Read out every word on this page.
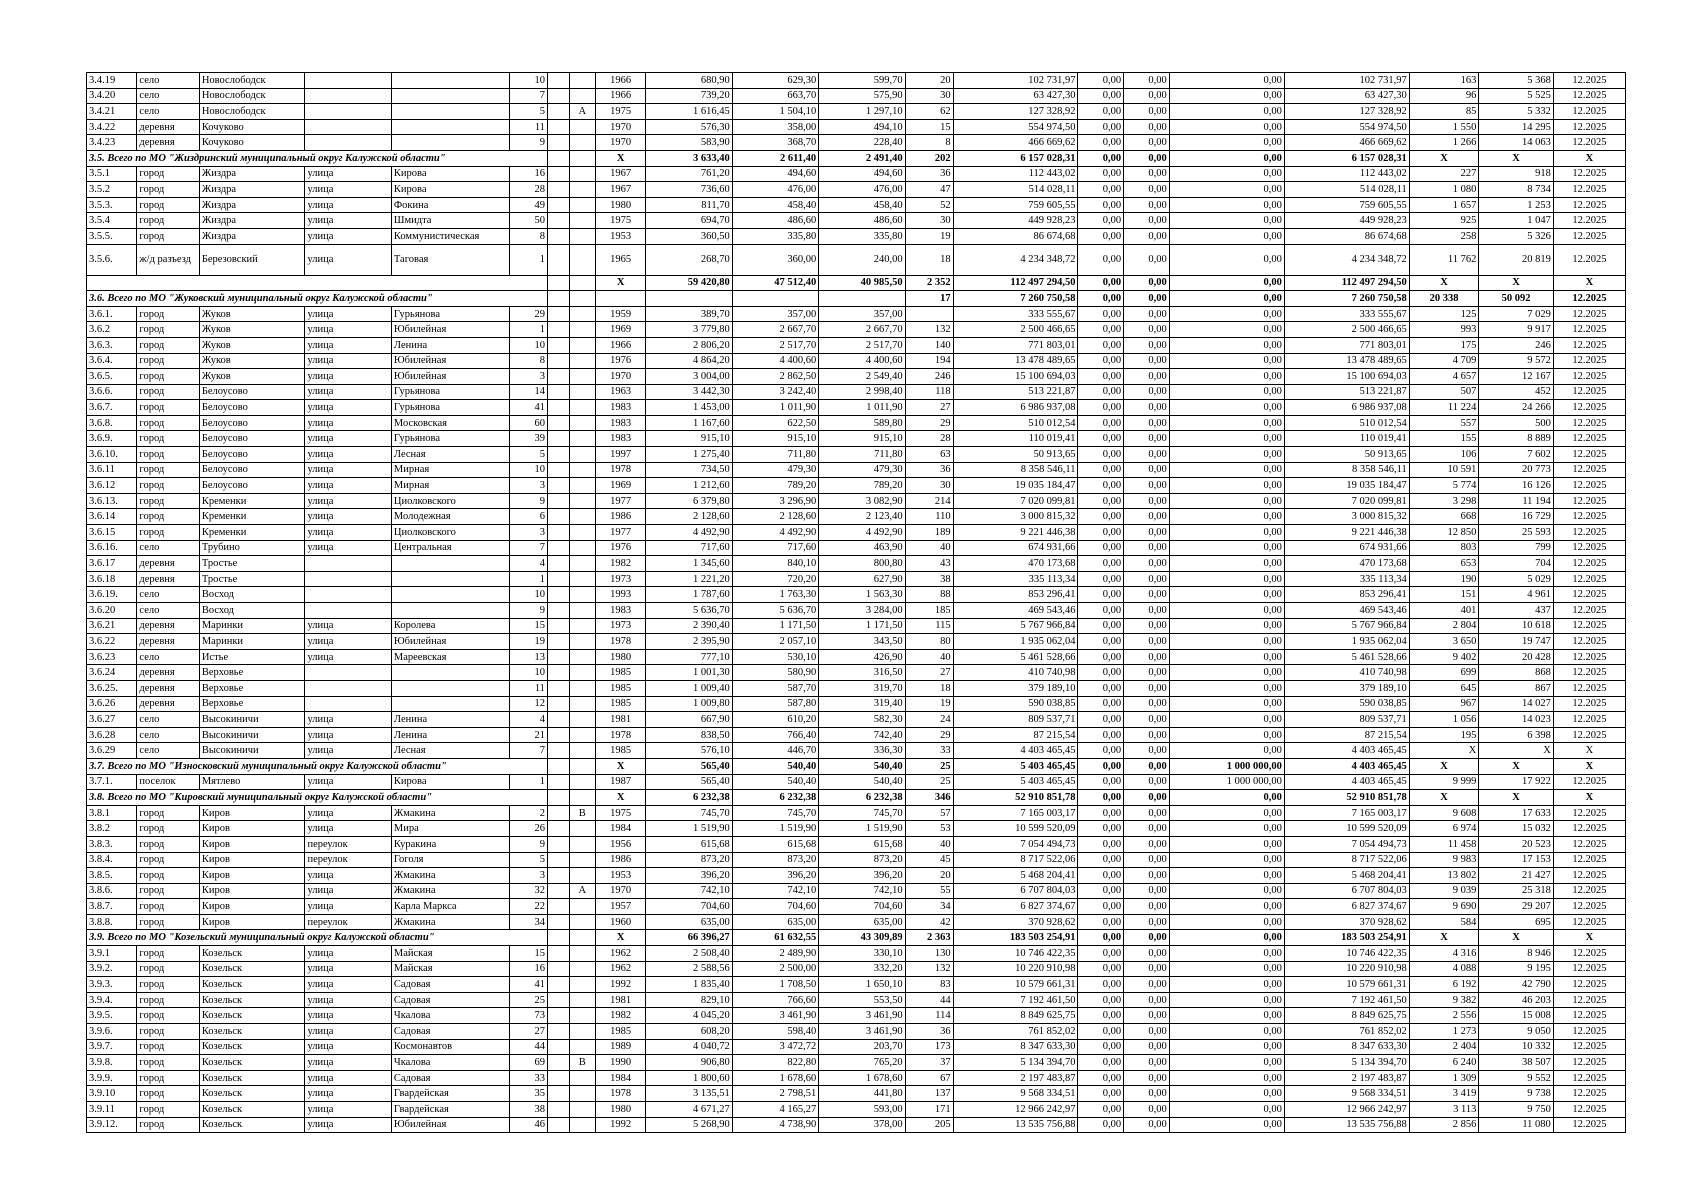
3.4.19	село	Новослободск			10			1966	680,90	629,30	599,70	20	102 731,97	0,00	0,00	0,00	102 731,97	163	5 368	12.2025
3.4.20	село	Новослободск			7			1966	739,20	663,70	575,90	30	63 427,30	0,00	0,00	0,00	63 427,30	96	5 525	12.2025
3.4.21	село	Новослободск			5		А	1975	1 616,45	1 504,10	1 297,10	62	127 328,92	0,00	0,00	0,00	127 328,92	85	5 332	12.2025
3.4.22	деревня	Кочуково			11			1970	576,30	358,00	494,10	15	554 974,50	0,00	0,00	0,00	554 974,50	1 550	14 295	12.2025
3.4.23	деревня	Кочуково			9			1970	583,90	368,70	228,40	8	466 669,62	0,00	0,00	0,00	466 669,62	1 266	14 063	12.2025
3.5. Всего по МО "Жиздринский муниципальный округ Калужской области"								X	3 633,40	2 611,40	2 491,40	202	6 157 028,31	0,00	0,00	0,00	6 157 028,31	X	X	X
3.5.1	город	Жиздра	улица	Кирова	16			1967	761,20	494,60	494,60	36	112 443,02	0,00	0,00	0,00	112 443,02	227	918	12.2025
3.5.2	город	Жиздра	улица	Кирова	28			1967	736,60	476,00	476,00	47	514 028,11	0,00	0,00	0,00	514 028,11	1 080	8 734	12.2025
3.5.3.	город	Жиздра	улица	Фокина	49			1980	811,70	458,40	458,40	52	759 605,55	0,00	0,00	0,00	759 605,55	1 657	1 253	12.2025
3.5.4	город	Жиздра	улица	Шмидта	50			1975	694,70	486,60	486,60	30	449 928,23	0,00	0,00	0,00	449 928,23	925	1 047	12.2025
3.5.5.	город	Жиздра	улица	Коммунистическая	8			1953	360,50	335,80	335,80	19	86 674,68	0,00	0,00	0,00	86 674,68	258	5 326	12.2025
3.5.6.	ж/д разъезд	Березовский	улица	Таговая	1			1965	268,70	360,00	240,00	18	4 234 348,72	0,00	0,00	0,00	4 234 348,72	11 762	20 819	12.2025
								X	59 420,80	47 512,40	40 985,50	2 352	112 497 294,50	0,00	0,00	0,00	112 497 294,50	X	X	X
3.6. Всего по МО "Жуковский муниципальный округ Калужской области"												17	7 260 750,58	0,00	0,00	0,00	7 260 750,58	20 338	50 092	12.2025
3.6.1.	город	Жуков	улица	Гурьянова	29			1959	389,70	357,00	357,00		333 555,67	0,00	0,00	0,00	333 555,67	125	7 029	12.2025
3.6.2	город	Жуков	улица	Юбилейная	1			1969	3 779,80	2 667,70	2 667,70	132	2 500 466,65	0,00	0,00	0,00	2 500 466,65	993	9 917	12.2025
3.6.3.	город	Жуков	улица	Ленина	10			1966	2 806,20	2 517,70	2 517,70	140	771 803,01	0,00	0,00	0,00	771 803,01	175	246	12.2025
3.6.4.	город	Жуков	улица	Юбилейная	8			1976	4 864,20	4 400,60	4 400,60	194	13 478 489,65	0,00	0,00	0,00	13 478 489,65	4 709	9 572	12.2025
3.6.5.	город	Жуков	улица	Юбилейная	3			1970	3 004,00	2 862,50	2 549,40	246	15 100 694,03	0,00	0,00	0,00	15 100 694,03	4 657	12 167	12.2025
3.6.6.	город	Белоусово	улица	Гурьянова	14			1963	3 442,30	3 242,40	2 998,40	118	513 221,87	0,00	0,00	0,00	513 221,87	507	452	12.2025
3.6.7.	город	Белоусово	улица	Гурьянова	41			1983	1 453,00	1 011,90	1 011,90	27	6 986 937,08	0,00	0,00	0,00	6 986 937,08	11 224	24 266	12.2025
3.6.8.	город	Белоусово	улица	Московская	60			1983	1 167,60	622,50	589,80	29	510 012,54	0,00	0,00	0,00	510 012,54	557	500	12.2025
3.6.9.	город	Белоусово	улица	Гурьянова	39			1983	915,10	915,10	915,10	28	110 019,41	0,00	0,00	0,00	110 019,41	155	8 889	12.2025
3.6.10.	город	Белоусово	улица	Лесная	5			1997	1 275,40	711,80	711,80	63	50 913,65	0,00	0,00	0,00	50 913,65	106	7 602	12.2025
3.6.11	город	Белоусово	улица	Мирная	10			1978	734,50	479,30	479,30	36	8 358 546,11	0,00	0,00	0,00	8 358 546,11	10 591	20 773	12.2025
3.6.12	город	Белоусово	улица	Мирная	3			1969	1 212,60	789,20	789,20	30	19 035 184,47	0,00	0,00	0,00	19 035 184,47	5 774	16 126	12.2025
3.6.13.	город	Кременки	улица	Циолковского	9			1977	6 379,80	3 296,90	3 082,90	214	7 020 099,81	0,00	0,00	0,00	7 020 099,81	3 298	11 194	12.2025
3.6.14	город	Кременки	улица	Молодежная	6			1986	2 128,60	2 128,60	2 123,40	110	3 000 815,32	0,00	0,00	0,00	3 000 815,32	668	16 729	12.2025
3.6.15	город	Кременки	улица	Циолковского	3			1977	4 492,90	4 492,90	4 492,90	189	9 221 446,38	0,00	0,00	0,00	9 221 446,38	12 850	25 593	12.2025
3.6.16.	село	Трубино	улица	Центральная	7			1976	717,60	717,60	463,90	40	674 931,66	0,00	0,00	0,00	674 931,66	803	799	12.2025
3.6.17	деревня	Тростье			4			1982	1 345,60	840,10	800,80	43	470 173,68	0,00	0,00	0,00	470 173,68	653	704	12.2025
3.6.18	деревня	Тростье			1			1973	1 221,20	720,20	627,90	38	335 113,34	0,00	0,00	0,00	335 113,34	190	5 029	12.2025
3.6.19.	село	Восход			10			1993	1 787,60	1 763,30	1 563,30	88	853 296,41	0,00	0,00	0,00	853 296,41	151	4 961	12.2025
3.6.20	село	Восход			9			1983	5 636,70	5 636,70	3 284,00	185	469 543,46	0,00	0,00	0,00	469 543,46	401	437	12.2025
3.6.21	деревня	Маринки	улица	Королева	15			1973	2 390,40	1 171,50	1 171,50	115	5 767 966,84	0,00	0,00	0,00	5 767 966,84	2 804	10 618	12.2025
3.6.22	деревня	Маринки	улица	Юбилейная	19			1978	2 395,90	2 057,10	343,50	80	1 935 062,04	0,00	0,00	0,00	1 935 062,04	3 650	19 747	12.2025
3.6.23	село	Истье	улица	Мареевская	13			1980	777,10	530,10	426,90	40	5 461 528,66	0,00	0,00	0,00	5 461 528,66	9 402	20 428	12.2025
3.6.24	деревня	Верховье			10			1985	1 001,30	580,90	316,50	27	410 740,98	0,00	0,00	0,00	410 740,98	699	868	12.2025
3.6.25.	деревня	Верховье			11			1985	1 009,40	587,70	319,70	18	379 189,10	0,00	0,00	0,00	379 189,10	645	867	12.2025
3.6.26	деревня	Верховье			12			1985	1 009,80	587,80	319,40	19	590 038,85	0,00	0,00	0,00	590 038,85	967	14 027	12.2025
3.6.27	село	Высокиничи	улица	Ленина	4			1981	667,90	610,20	582,30	24	809 537,71	0,00	0,00	0,00	809 537,71	1 056	14 023	12.2025
3.6.28	село	Высокиничи	улица	Ленина	21			1978	838,50	766,40	742,40	29	87 215,54	0,00	0,00	0,00	87 215,54	195	6 398	12.2025
3.6.29	село	Высокиничи	улица	Лесная	7			1985	576,10	446,70	336,30	33	4 403 465,45	0,00	0,00	0,00	4 403 465,45	X	X	X
3.7. Всего по МО "Износковский муниципальный округ Калужской области"								X	565,40	540,40	540,40	25	5 403 465,45	0,00	0,00	1 000 000,00	4 403 465,45	X	X	X
3.7.1.	поселок	Мятлево	улица	Кирова	1			1987	565,40	540,40	540,40	25	5 403 465,45	0,00	0,00	1 000 000,00	4 403 465,45	9 999	17 922	12.2025
3.8. Всего по МО "Кировский муниципальный округ Калужской области"								X	6 232,38	6 232,38	6 232,38	346	52 910 851,78	0,00	0,00	0,00	52 910 851,78	X	X	X
3.8.1	город	Киров	улица	Жмакина	2		В	1975	745,70	745,70	745,70	57	7 165 003,17	0,00	0,00	0,00	7 165 003,17	9 608	17 633	12.2025
3.8.2	город	Киров	улица	Мира	26			1984	1 519,90	1 519,90	1 519,90	53	10 599 520,09	0,00	0,00	0,00	10 599 520,09	6 974	15 032	12.2025
3.8.3.	город	Киров	переулок	Куракина	9			1956	615,68	615,68	615,68	40	7 054 494,73	0,00	0,00	0,00	7 054 494,73	11 458	20 523	12.2025
3.8.4.	город	Киров	переулок	Гоголя	5			1986	873,20	873,20	873,20	45	8 717 522,06	0,00	0,00	0,00	8 717 522,06	9 983	17 153	12.2025
3.8.5.	город	Киров	улица	Жмакина	3			1953	396,20	396,20	396,20	20	5 468 204,41	0,00	0,00	0,00	5 468 204,41	13 802	21 427	12.2025
3.8.6.	город	Киров	улица	Жмакина	32		А	1970	742,10	742,10	742,10	55	6 707 804,03	0,00	0,00	0,00	6 707 804,03	9 039	25 318	12.2025
3.8.7.	город	Киров	улица	Карла Маркса	22			1957	704,60	704,60	704,60	34	6 827 374,67	0,00	0,00	0,00	6 827 374,67	9 690	29 207	12.2025
3.8.8.	город	Киров	переулок	Жмакина	34			1960	635,00	635,00	635,00	42	370 928,62	0,00	0,00	0,00	370 928,62	584	695	12.2025
3.9. Всего по МО "Козельский муниципальный округ Калужской области"								X	66 396,27	61 632,55	43 309,89	2 363	183 503 254,91	0,00	0,00	0,00	183 503 254,91	X	X	X
3.9.1	город	Козельск	улица	Майская	15			1962	2 508,40	2 489,90	330,10	130	10 746 422,35	0,00	0,00	0,00	10 746 422,35	4 316	8 946	12.2025
3.9.2.	город	Козельск	улица	Майская	16			1962	2 588,56	2 500,00	332,20	132	10 220 910,98	0,00	0,00	0,00	10 220 910,98	4 088	9 195	12.2025
3.9.3.	город	Козельск	улица	Садовая	41			1992	1 835,40	1 708,50	1 650,10	83	10 579 661,31	0,00	0,00	0,00	10 579 661,31	6 192	42 790	12.2025
3.9.4.	город	Козельск	улица	Садовая	25			1981	829,10	766,60	553,50	44	7 192 461,50	0,00	0,00	0,00	7 192 461,50	9 382	46 203	12.2025
3.9.5.	город	Козельск	улица	Чкалова	73			1982	4 045,20	3 461,90	3 461,90	114	8 849 625,75	0,00	0,00	0,00	8 849 625,75	2 556	15 008	12.2025
3.9.6.	город	Козельск	улица	Садовая	27			1985	608,20	598,40	3 461,90	36	761 852,02	0,00	0,00	0,00	761 852,02	1 273	9 050	12.2025
3.9.7.	город	Козельск	улица	Космонавтов	44			1989	4 040,72	3 472,72	203,70	173	8 347 633,30	0,00	0,00	0,00	8 347 633,30	2 404	10 332	12.2025
3.9.8.	город	Козельск	улица	Чкалова	69		В	1990	906,80	822,80	765,20	37	5 134 394,70	0,00	0,00	0,00	5 134 394,70	6 240	38 507	12.2025
3.9.9.	город	Козельск	улица	Садовая	33			1984	1 800,60	1 678,60	1 678,60	67	2 197 483,87	0,00	0,00	0,00	2 197 483,87	1 309	9 552	12.2025
3.9.10	город	Козельск	улица	Гвардейская	35			1978	3 135,51	2 798,51	441,80	137	9 568 334,51	0,00	0,00	0,00	9 568 334,51	3 419	9 738	12.2025
3.9.11	город	Козельск	улица	Гвардейская	38			1980	4 671,27	4 165,27	593,00	171	12 966 242,97	0,00	0,00	0,00	12 966 242,97	3 113	9 750	12.2025
3.9.12.	город	Козельск	улица	Юбилейная	46			1992	5 268,90	4 738,90	378,00	205	13 535 756,88	0,00	0,00	0,00	13 535 756,88	2 856	11 080	12.2025
